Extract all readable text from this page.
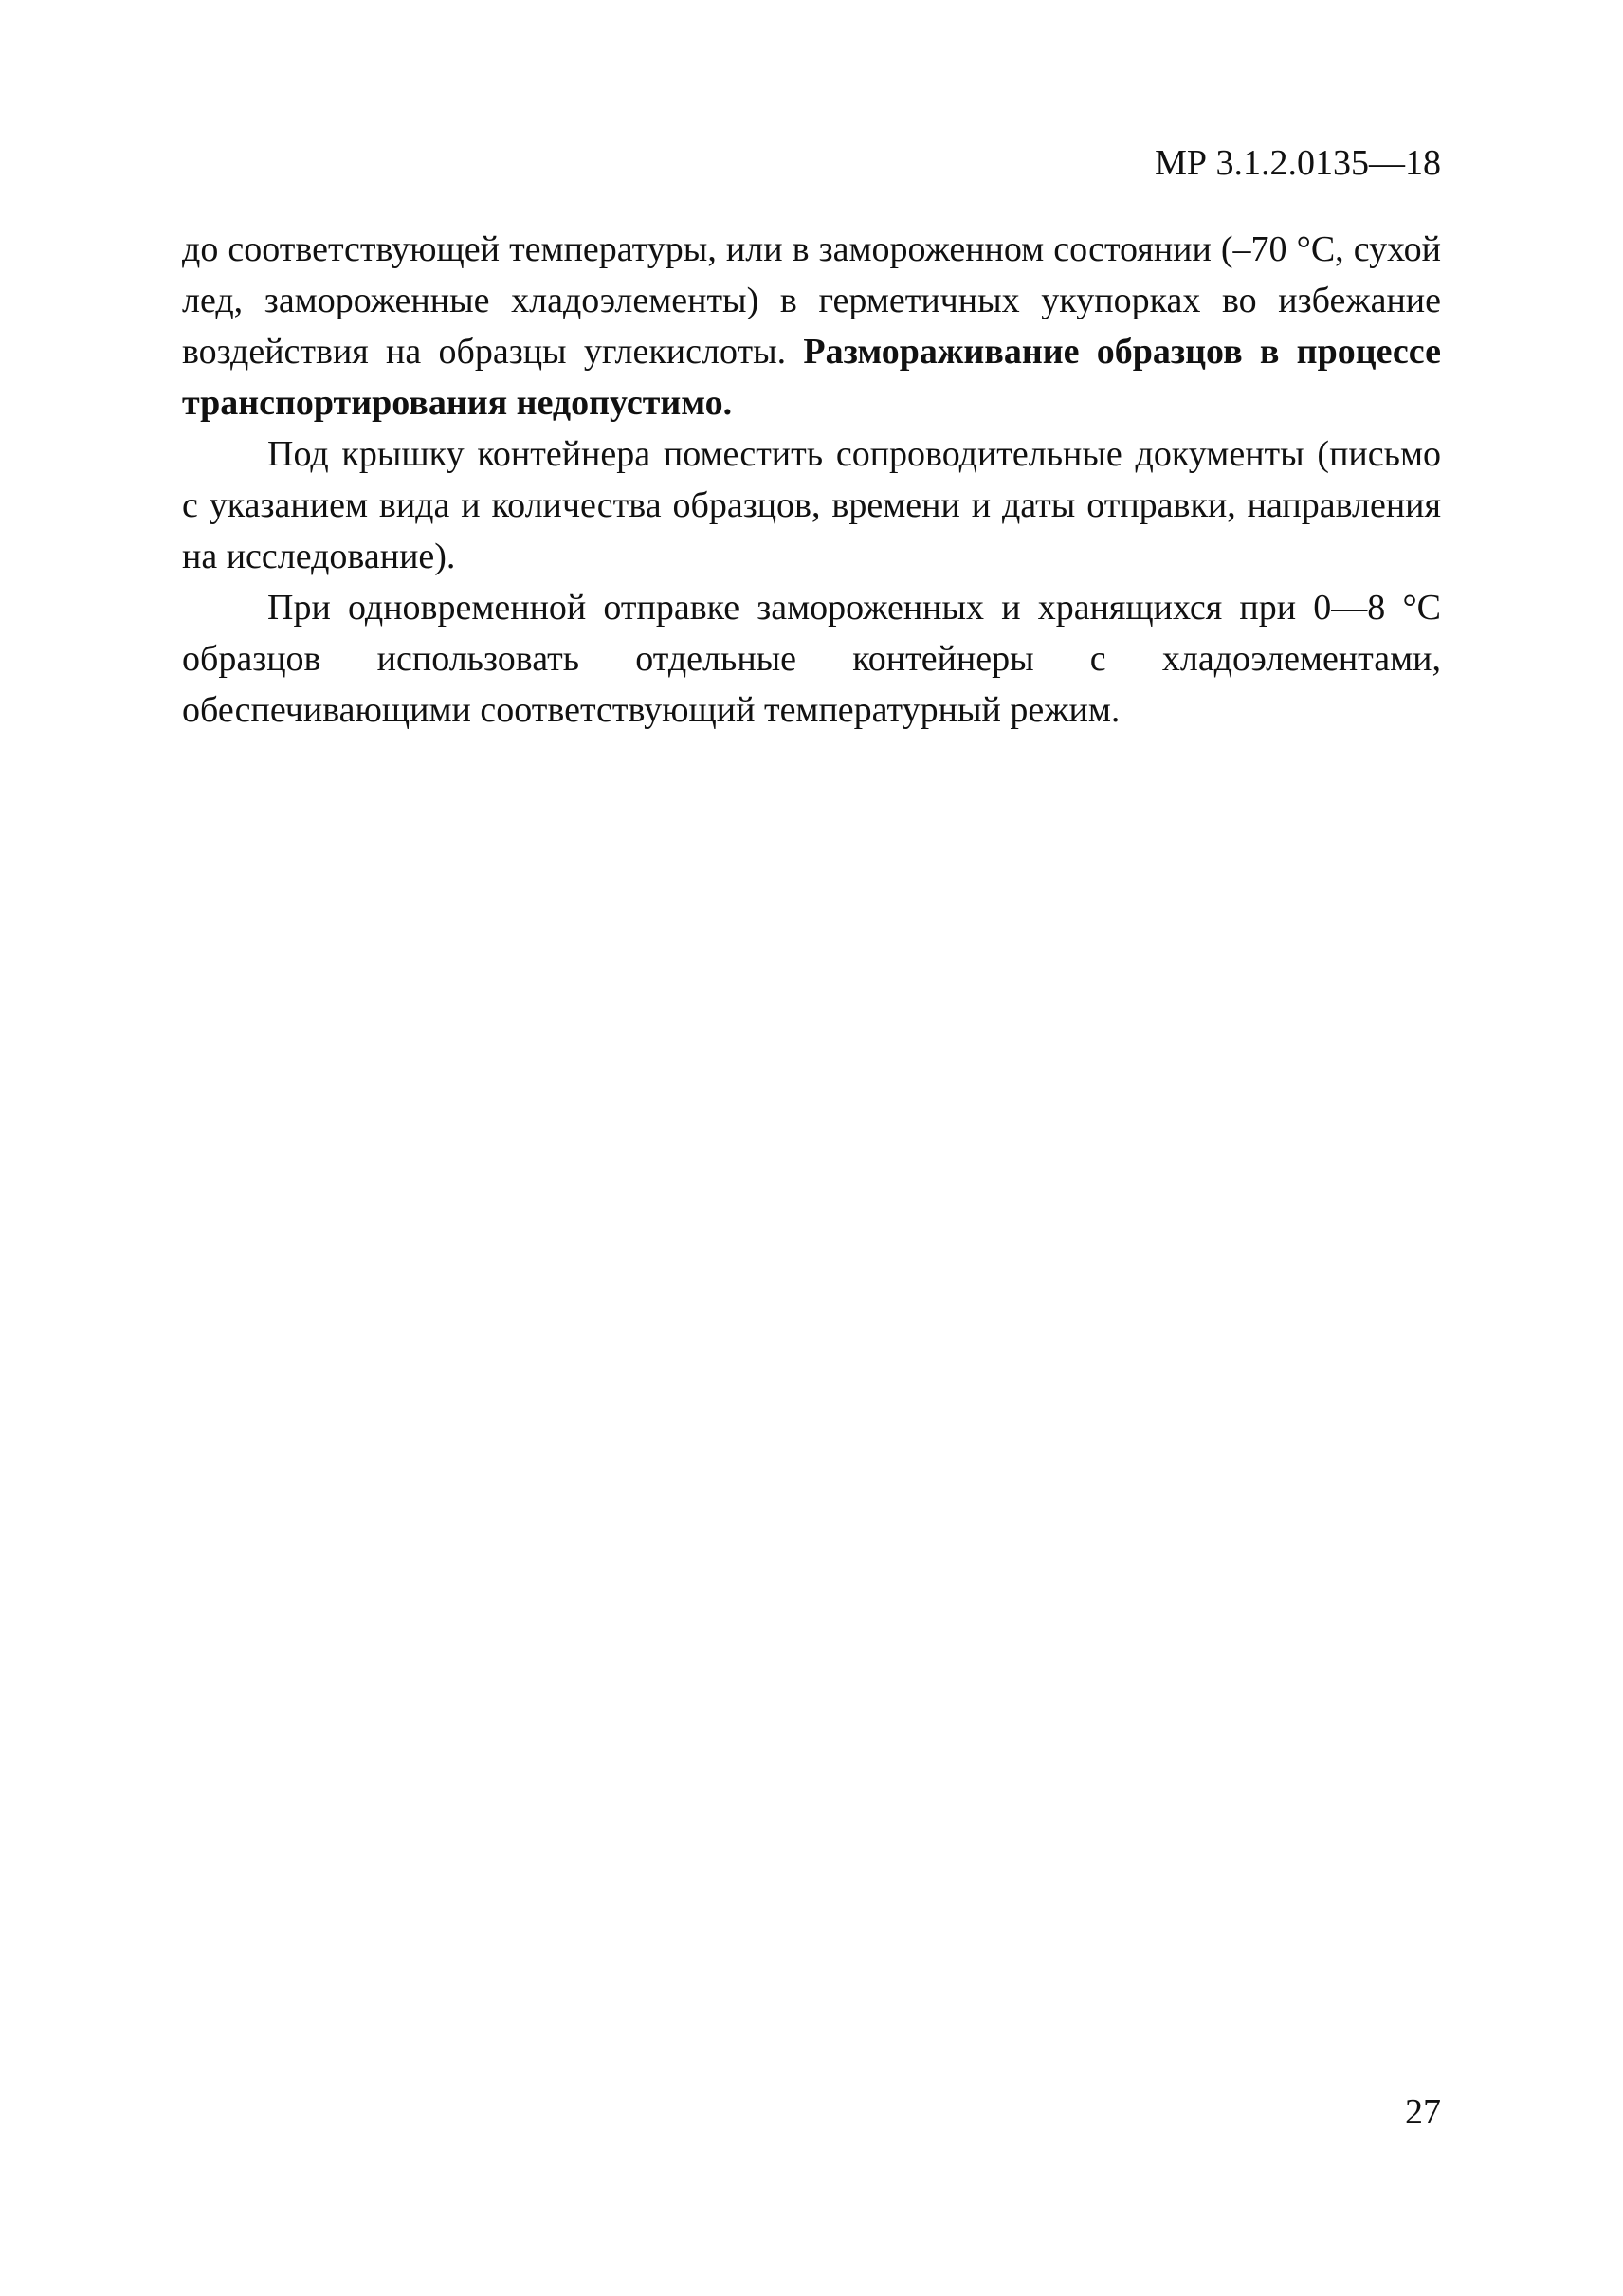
МР 3.1.2.0135—18

до соответствующей температуры, или в замороженном состоянии (–70 °С, сухой лед, замороженные хладоэлементы) в герметичных укупорках во избежание воздействия на образцы углекислоты. Размораживание образцов в процессе транспортирования недопустимо.

Под крышку контейнера поместить сопроводительные документы (письмо с указанием вида и количества образцов, времени и даты отправки, направления на исследование).

При одновременной отправке замороженных и хранящихся при 0—8 °С образцов использовать отдельные контейнеры с хладоэлементами, обеспечивающими соответствующий температурный режим.

27
